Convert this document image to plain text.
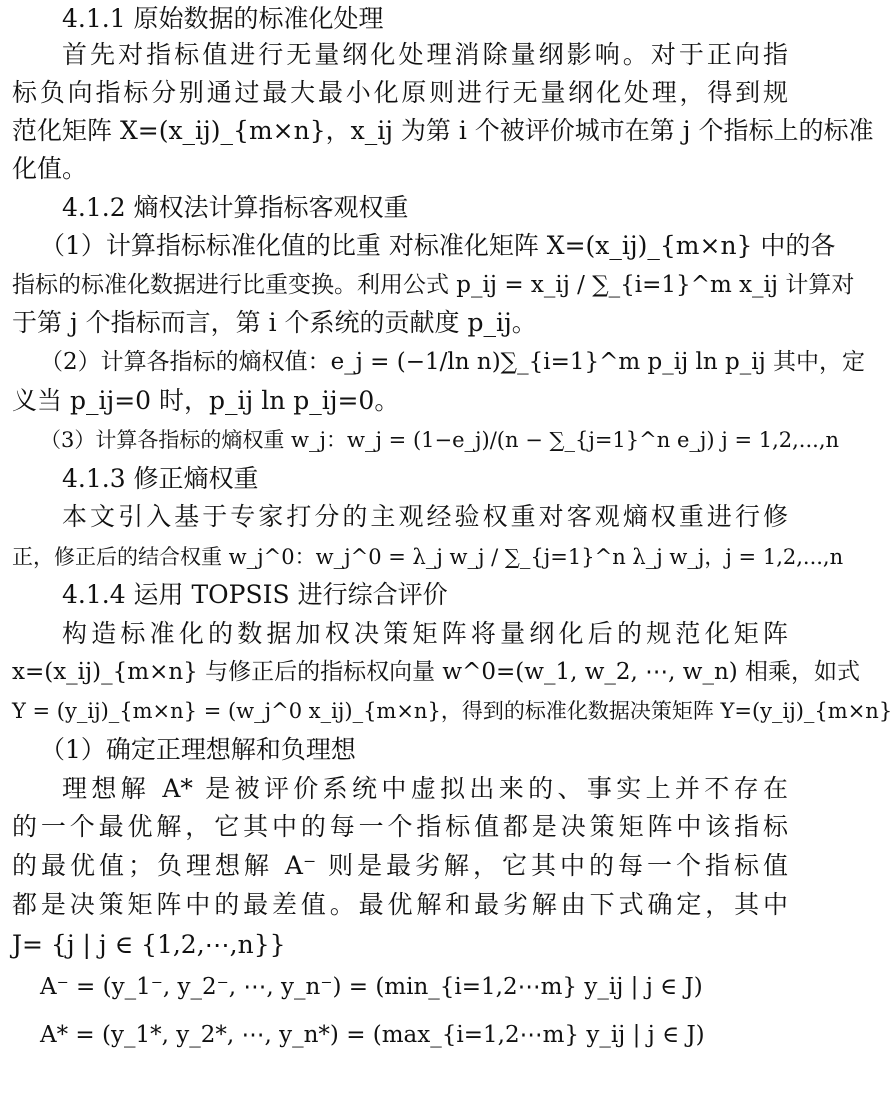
4.1.1 原始数据的标准化处理
首先对指标值进行无量纲化处理消除量纲影响。对于正向指
标负向指标分别通过最大最小化原则进行无量纲化处理，得到规
范化矩阵 X=(x_ij)_{m×n}，x_ij 为第 i 个被评价城市在第 j 个指标上的标准
化值。
4.1.2 熵权法计算指标客观权重
（1）计算指标标准化值的比重 对标准化矩阵 X=(x_ij)_{m×n} 中的各
指标的标准化数据进行比重变换。利用公式 p_ij = x_ij / ∑_{i=1}^m x_ij 计算对
于第 j 个指标而言，第 i 个系统的贡献度 p_ij。
（2）计算各指标的熵权值：e_j = (−1/ln n)∑_{i=1}^m p_ij ln p_ij 其中，定
义当 p_ij=0 时，p_ij ln p_ij=0。
（3）计算各指标的熵权重 w_j：w_j = (1−e_j)/(n − ∑_{j=1}^n e_j) j = 1,2,...,n
4.1.3 修正熵权重
本文引入基于专家打分的主观经验权重对客观熵权重进行修
正，修正后的结合权重 w_j^0：w_j^0 = λ_j w_j / ∑_{j=1}^n λ_j w_j，j = 1,2,...,n
4.1.4 运用 TOPSIS 进行综合评价
构造标准化的数据加权决策矩阵将量纲化后的规范化矩阵
x=(x_ij)_{m×n} 与修正后的指标权向量 w^0=(w_1, w_2, ⋯, w_n) 相乘，如式
Y = (y_ij)_{m×n} = (w_j^0 x_ij)_{m×n}，得到的标准化数据决策矩阵 Y=(y_ij)_{m×n}
（1）确定正理想解和负理想
理想解 A* 是被评价系统中虚拟出来的、事实上并不存在
的一个最优解，它其中的每一个指标值都是决策矩阵中该指标
的最优值；负理想解 A⁻ 则是最劣解，它其中的每一个指标值
都是决策矩阵中的最差值。最优解和最劣解由下式确定，其中
J= {j | j ∈ {1,2,⋯,n}}
A⁻ = (y_1⁻, y_2⁻, ⋯, y_n⁻) = (min_{i=1,2⋯m} y_ij | j ∈ J)
A* = (y_1*, y_2*, ⋯, y_n*) = (max_{i=1,2⋯m} y_ij | j ∈ J)
